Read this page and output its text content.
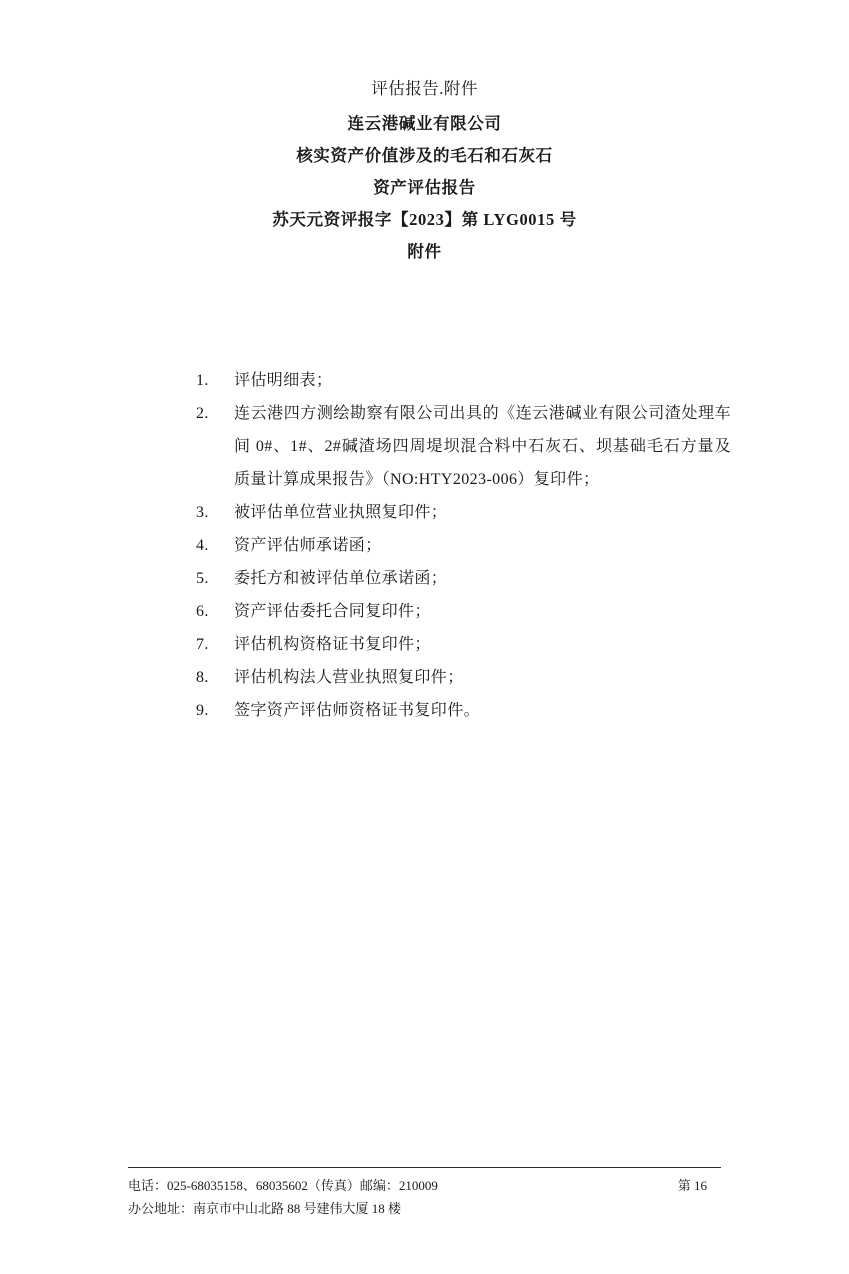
评估报告.附件
连云港碱业有限公司
核实资产价值涉及的毛石和石灰石
资产评估报告
苏天元资评报字【2023】第 LYG0015 号
附件
1.	评估明细表；
2.	连云港四方测绘勘察有限公司出具的《连云港碱业有限公司渣处理车间 0#、1#、2#碱渣场四周堤坝混合料中石灰石、坝基础毛石方量及质量计算成果报告》（NO:HTY2023-006）复印件；
3.	被评估单位营业执照复印件；
4.	资产评估师承诺函；
5.	委托方和被评估单位承诺函；
6.	资产评估委托合同复印件；
7.	评估机构资格证书复印件；
8.	评估机构法人营业执照复印件；
9.	签字资产评估师资格证书复印件。
电话：025-68035158、68035602（传真）邮编：210009
办公地址：南京市中山北路 88 号建伟大厦 18 楼
第 16
